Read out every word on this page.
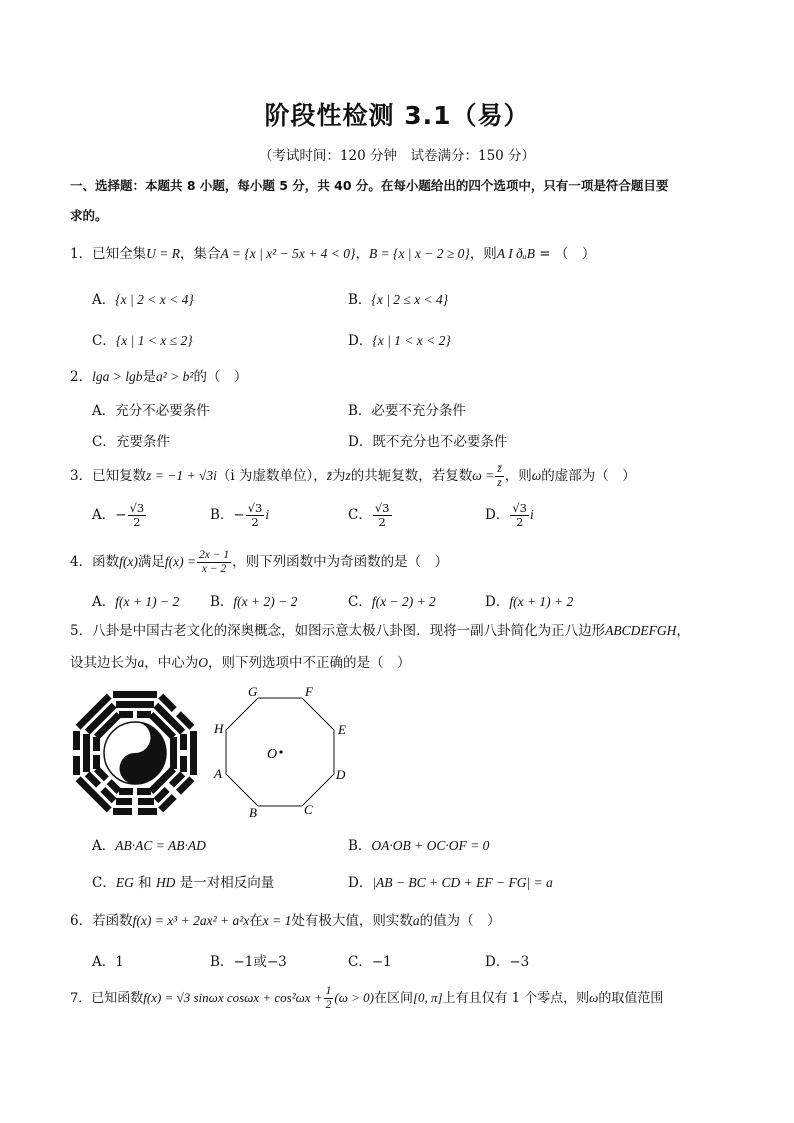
阶段性检测 3.1（易）
（考试时间：120 分钟　试卷满分：150 分）
一、选择题：本题共 8 小题，每小题 5 分，共 40 分。在每小题给出的四个选项中，只有一项是符合题目要
求的。
1．已知全集U = R，集合A = {x | x² − 5x + 4 < 0}，B = {x | x − 2 ≥ 0}，则A I ðᵤB = （　）
A．{x | 2 < x < 4}	B．{x | 2 ≤ x < 4}
C．{x | 1 < x ≤ 2}	D．{x | 1 < x < 2}
2．lga > lgb是a² > b²的（　）
A．充分不必要条件	B．必要不充分条件
C．充要条件	D．既不充分也不必要条件
3．已知复数z = −1 + √3i（i 为虚数单位），z̄为z的共轭复数，若复数$\omega = \frac{z̄}{z}$ ，则ω的虚部为（　）
A．− $\frac{√3}{2}$	B．− $\frac{√3}{2}$ i	C． $\frac{√3}{2}$	D． $\frac{√3}{2}$ i
4．函数f(x)满足$f(x) = \frac{2x - 1}{x - 2}$ ，则下列函数中为奇函数的是（　）
A．f(x + 1) − 2 B．f(x + 2) − 2	C．f(x − 2) + 2	D．f(x + 1) + 2
5．八卦是中国古老文化的深奥概念，如图示意太极八卦图．现将一副八卦简化为正八边形ABCDEFGH，
设其边长为a，中心为O，则下列选项中不正确的是（　）
O
G	F
E
D
C
B
A
H
A．AB·AC = AB·AD	B．OA·OB + OC·OF = 0
C．EG 和 HD 是一对相反向量	D．|AB − BC + CD + EF − FG| = a
6．若函数f(x) = x³ + 2ax² + a²x在x = 1处有极大值，则实数a的值为（　）
A．1	B．−1或−3	C．−1	D．−3
7．已知函数f(x) = √3 sinωx $\cos\omega x + \cos^2\omega x + \frac{1}{2} (\omega > 0)$在区间[0, π]上有且仅有 1 个零点，则ω的取值范围
